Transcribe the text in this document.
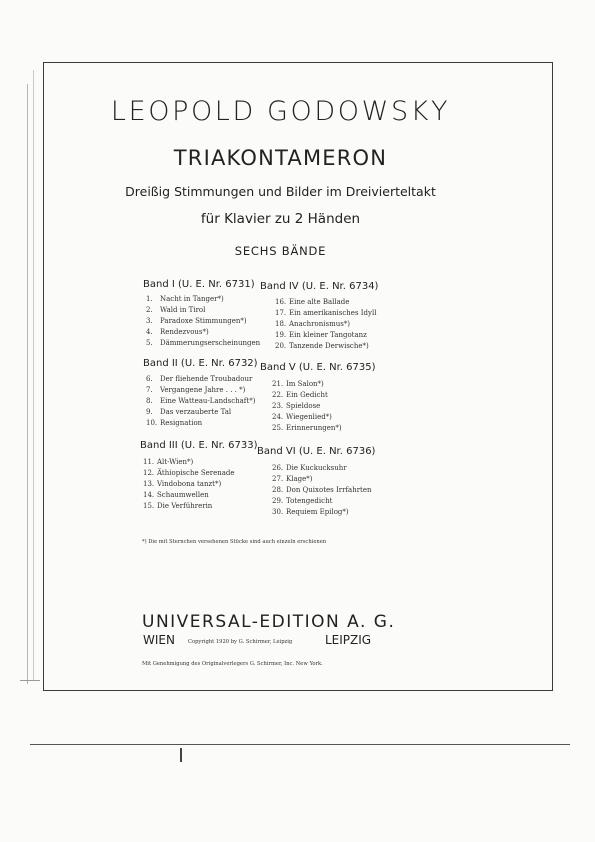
LEOPOLD GODOWSKY
TRIAKONTAMERON
Dreißig Stimmungen und Bilder im Dreivierteltakt
für Klavier zu 2 Händen
SECHS BÄNDE
Band I (U. E. Nr. 6731)
1. Nacht in Tanger*)
2. Wald in Tirol
3. Paradoxe Stimmungen*)
4. Rendezvous*)
5. Dämmerungserscheinungen
Band II (U. E. Nr. 6732)
6. Der fliehende Troubadour
7. Vergangene Jahre . . . *)
8. Eine Watteau-Landschaft*)
9. Das verzauberte Tal
10. Resignation
Band III (U. E. Nr. 6733)
11. Alt-Wien*)
12. Äthiopische Serenade
13. Vindobona tanzt*)
14. Schaumwellen
15. Die Verführerin
Band IV (U. E. Nr. 6734)
16. Eine alte Ballade
17. Ein amerikanisches Idyll
18. Anachronismus*)
19. Ein kleiner Tangotanz
20. Tanzende Derwische*)
Band V (U. E. Nr. 6735)
21. Im Salon*)
22. Ein Gedicht
23. Spieldose
24. Wiegenlied*)
25. Erinnerungen*)
Band VI (U. E. Nr. 6736)
26. Die Kuckucksuhr
27. Klage*)
28. Don Quixotes Irrfahrten
29. Totengedicht
30. Requiem Epilog*)
*) Die mit Sternchen versehenen Stücke sind auch einzeln erschienen
UNIVERSAL-EDITION A. G.
WIEN	Copyright 1920 by G. Schirmer, Leipzig	LEIPZIG
Mit Genehmigung des Originalverlegers G. Schirmer, Inc. New York.
